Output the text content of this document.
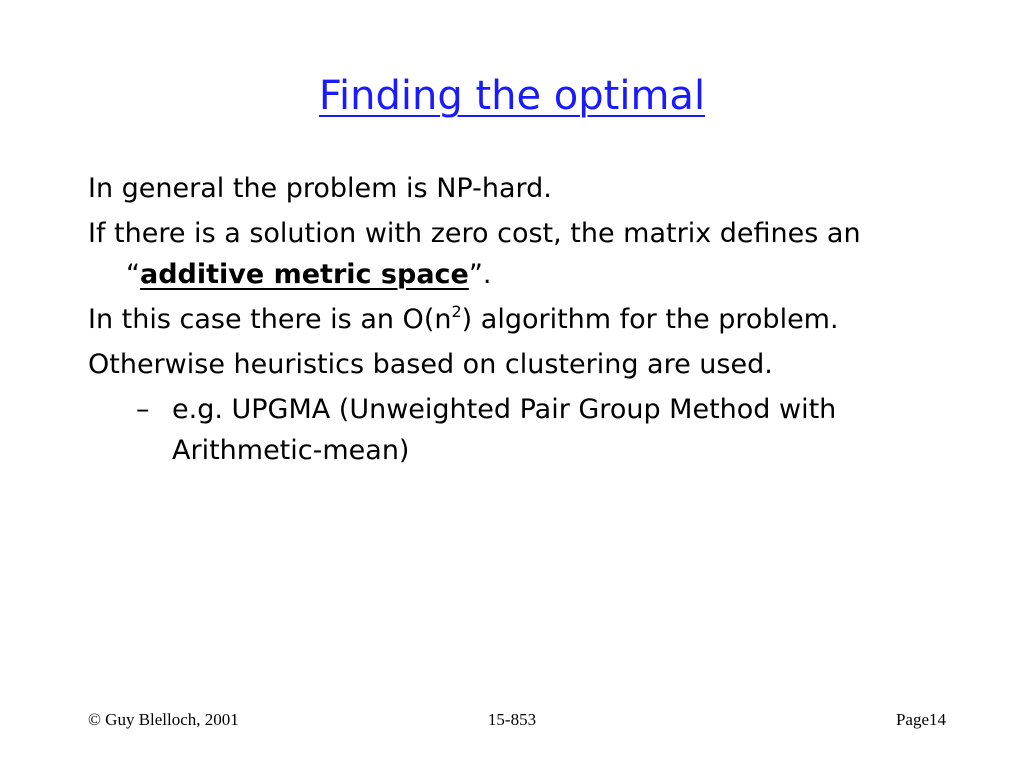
Finding the optimal

In general the problem is NP-hard.

If there is a solution with zero cost, the matrix defines an “additive metric space”.

In this case there is an $O(n^2)$ algorithm for the problem.

Otherwise heuristics based on clustering are used.

– e.g. UPGMA (Unweighted Pair Group Method with Arithmetic-mean)

© Guy Blelloch, 2001	15-853	Page14
